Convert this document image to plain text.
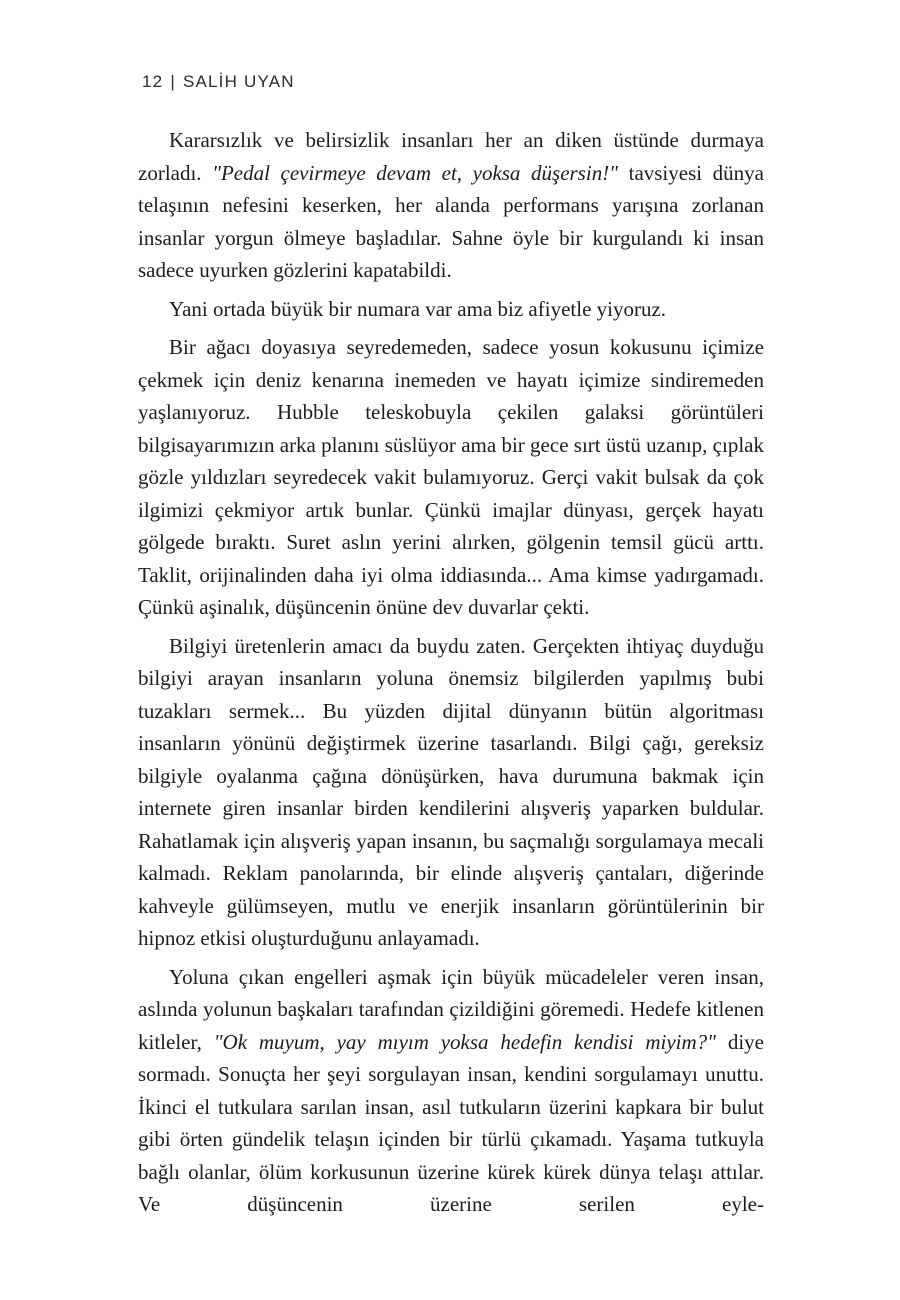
12 | SALİH UYAN

Kararsızlık ve belirsizlik insanları her an diken üstünde durmaya zorladı. "Pedal çevirmeye devam et, yoksa düşersin!" tavsiyesi dünya telaşının nefesini keserken, her alanda performans yarışına zorlanan insanlar yorgun ölmeye başladılar. Sahne öyle bir kurgulandı ki insan sadece uyurken gözlerini kapatabildi.

Yani ortada büyük bir numara var ama biz afiyetle yiyoruz.

Bir ağacı doyasıya seyredemeden, sadece yosun kokusunu içimize çekmek için deniz kenarına inemeden ve hayatı içimize sindiremeden yaşlanıyoruz. Hubble teleskobuyla çekilen galaksi görüntüleri bilgisayarımızın arka planını süslüyor ama bir gece sırt üstü uzanıp, çıplak gözle yıldızları seyredecek vakit bulamıyoruz. Gerçi vakit bulsak da çok ilgimizi çekmiyor artık bunlar. Çünkü imajlar dünyası, gerçek hayatı gölgede bıraktı. Suret aslın yerini alırken, gölgenin temsil gücü arttı. Taklit, orijinalinden daha iyi olma iddiasında... Ama kimse yadırgamadı. Çünkü aşinalık, düşüncenin önüne dev duvarlar çekti.

Bilgiyi üretenlerin amacı da buydu zaten. Gerçekten ihtiyaç duyduğu bilgiyi arayan insanların yoluna önemsiz bilgilerden yapılmış bubi tuzakları sermek... Bu yüzden dijital dünyanın bütün algoritması insanların yönünü değiştirmek üzerine tasarlandı. Bilgi çağı, gereksiz bilgiyle oyalanma çağına dönüşürken, hava durumuna bakmak için internete giren insanlar birden kendilerini alışveriş yaparken buldular. Rahatlamak için alışveriş yapan insanın, bu saçmalığı sorgulamaya mecali kalmadı. Reklam panolarında, bir elinde alışveriş çantaları, diğerinde kahveyle gülümseyen, mutlu ve enerjik insanların görüntülerinin bir hipnoz etkisi oluşturduğunu anlayamadı.

Yoluna çıkan engelleri aşmak için büyük mücadeleler veren insan, aslında yolunun başkaları tarafından çizildiğini göremedi. Hedefe kitlenen kitleler, "Ok muyum, yay mıyım yoksa hedefin kendisi miyim?" diye sormadı. Sonuçta her şeyi sorgulayan insan, kendini sorgulamayı unuttu. İkinci el tutkulara sarılan insan, asıl tutkuların üzerini kapkara bir bulut gibi örten gündelik telaşın içinden bir türlü çıkamadı. Yaşama tutkuyla bağlı olanlar, ölüm korkusunun üzerine kürek kürek dünya telaşı attılar. Ve düşüncenin üzerine serilen eyle-
